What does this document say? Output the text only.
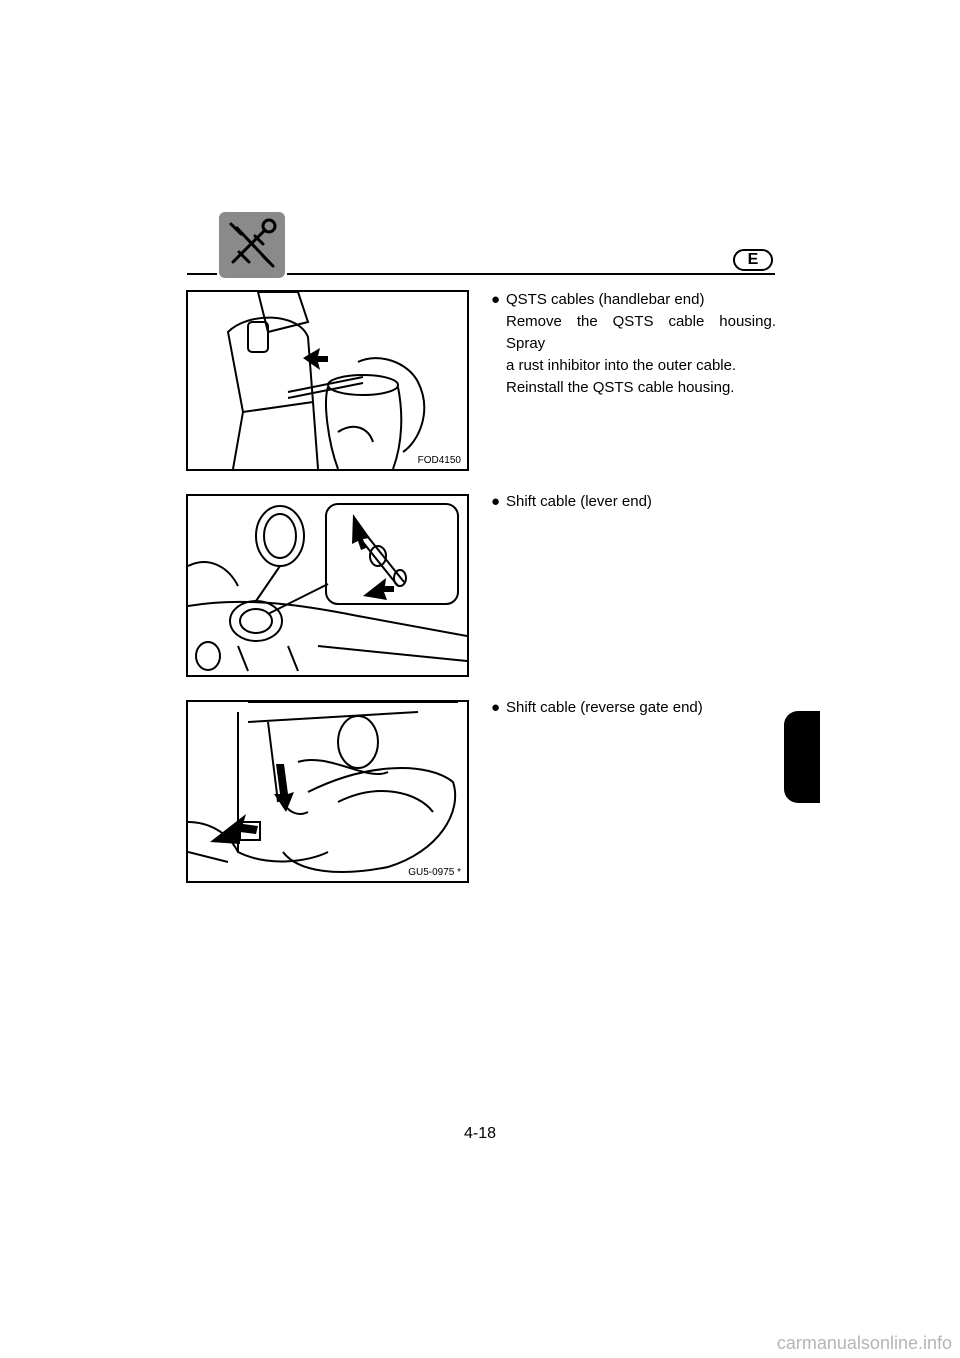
E
FOD4150
GU5-0975 *
● QSTS cables (handlebar end)
Remove the QSTS cable housing. Spray
a rust inhibitor into the outer cable.
Reinstall the QSTS cable housing.
● Shift cable (lever end)
● Shift cable (reverse gate end)
4-18
carmanualsonline.info
